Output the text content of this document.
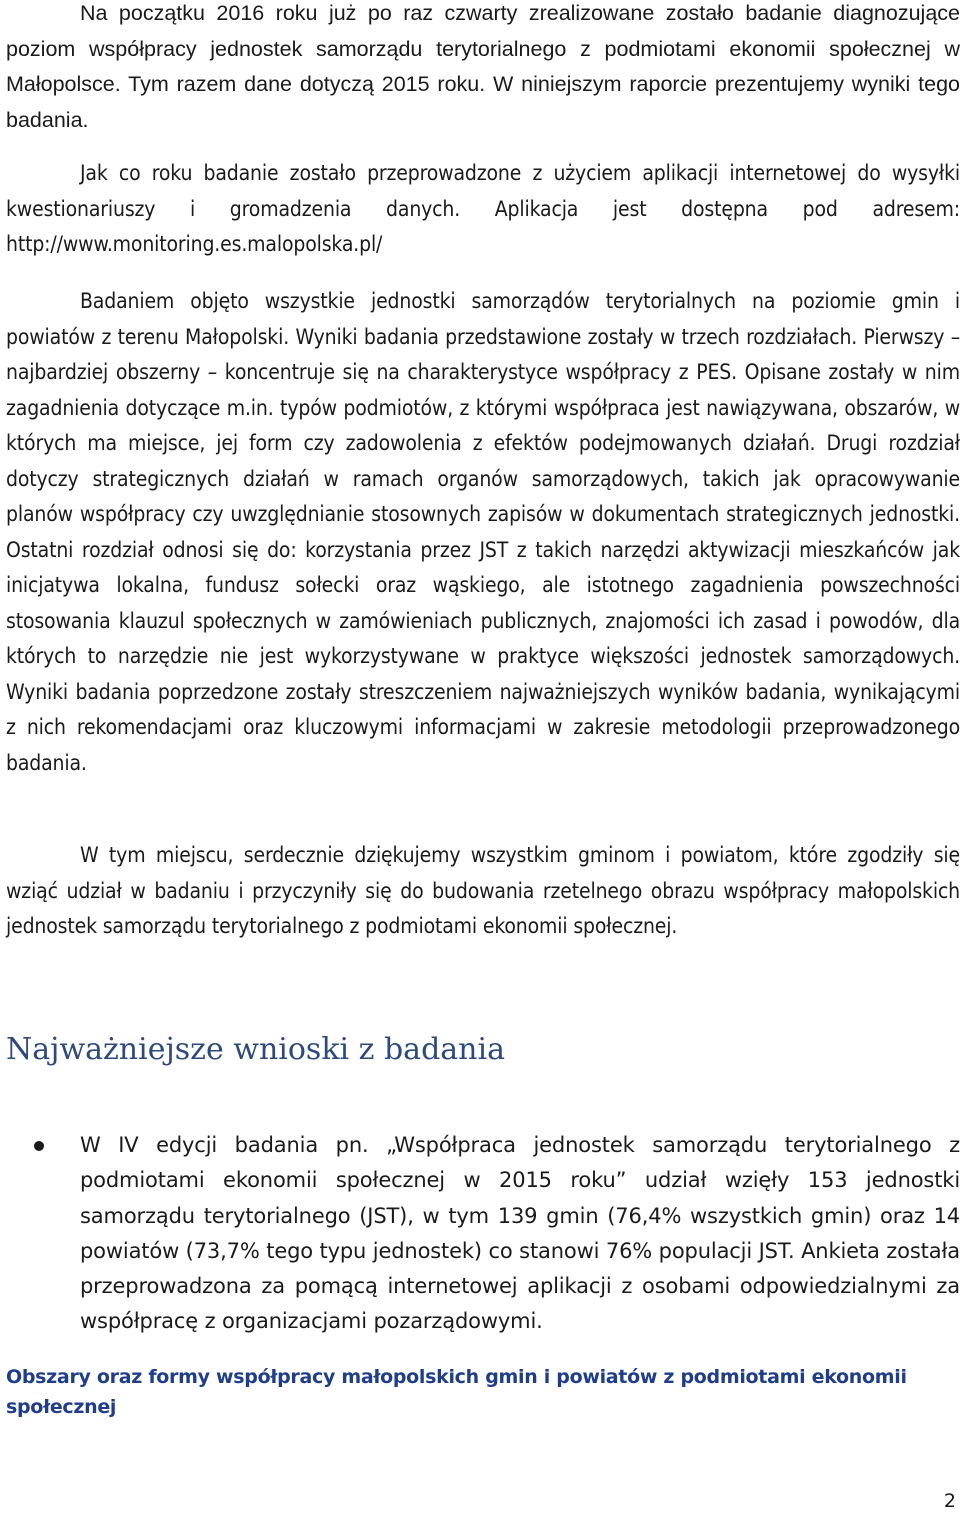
Na początku 2016 roku już po raz czwarty zrealizowane zostało badanie diagnozujące poziom współpracy jednostek samorządu terytorialnego z podmiotami ekonomii społecznej w Małopolsce. Tym razem dane dotyczą 2015 roku. W niniejszym raporcie prezentujemy wyniki tego badania.

Jak co roku badanie zostało przeprowadzone z użyciem aplikacji internetowej do wysyłki kwestionariuszy i gromadzenia danych. Aplikacja jest dostępna pod adresem: http://www.monitoring.es.malopolska.pl/

Badaniem objęto wszystkie jednostki samorządów terytorialnych na poziomie gmin i powiatów z terenu Małopolski. Wyniki badania przedstawione zostały w trzech rozdziałach. Pierwszy – najbardziej obszerny – koncentruje się na charakterystyce współpracy z PES. Opisane zostały w nim zagadnienia dotyczące m.in. typów podmiotów, z którymi współpraca jest nawiązywana, obszarów, w których ma miejsce, jej form czy zadowolenia z efektów podejmowanych działań. Drugi rozdział dotyczy strategicznych działań w ramach organów samorządowych, takich jak opracowywanie planów współpracy czy uwzględnianie stosownych zapisów w dokumentach strategicznych jednostki. Ostatni rozdział odnosi się do: korzystania przez JST z takich narzędzi aktywizacji mieszkańców jak inicjatywa lokalna, fundusz sołecki oraz wąskiego, ale istotnego zagadnienia powszechności stosowania klauzul społecznych w zamówieniach publicznych, znajomości ich zasad i powodów, dla których to narzędzie nie jest wykorzystywane w praktyce większości jednostek samorządowych. Wyniki badania poprzedzone zostały streszczeniem najważniejszych wyników badania, wynikającymi z nich rekomendacjami oraz kluczowymi informacjami w zakresie metodologii przeprowadzonego badania.

W tym miejscu, serdecznie dziękujemy wszystkim gminom i powiatom, które zgodziły się wziąć udział w badaniu i przyczyniły się do budowania rzetelnego obrazu współpracy małopolskich jednostek samorządu terytorialnego z podmiotami ekonomii społecznej.

Najważniejsze wnioski z badania
W IV edycji badania pn. „Współpraca jednostek samorządu terytorialnego z podmiotami ekonomii społecznej w 2015 roku” udział wzięły 153 jednostki samorządu terytorialnego (JST), w tym 139 gmin (76,4% wszystkich gmin) oraz 14 powiatów (73,7% tego typu jednostek) co stanowi 76% populacji JST. Ankieta została przeprowadzona za pomącą internetowej aplikacji z osobami odpowiedzialnymi za współpracę z organizacjami pozarządowymi.
Obszary oraz formy współpracy małopolskich gmin i powiatów z podmiotami ekonomii społecznej
2
